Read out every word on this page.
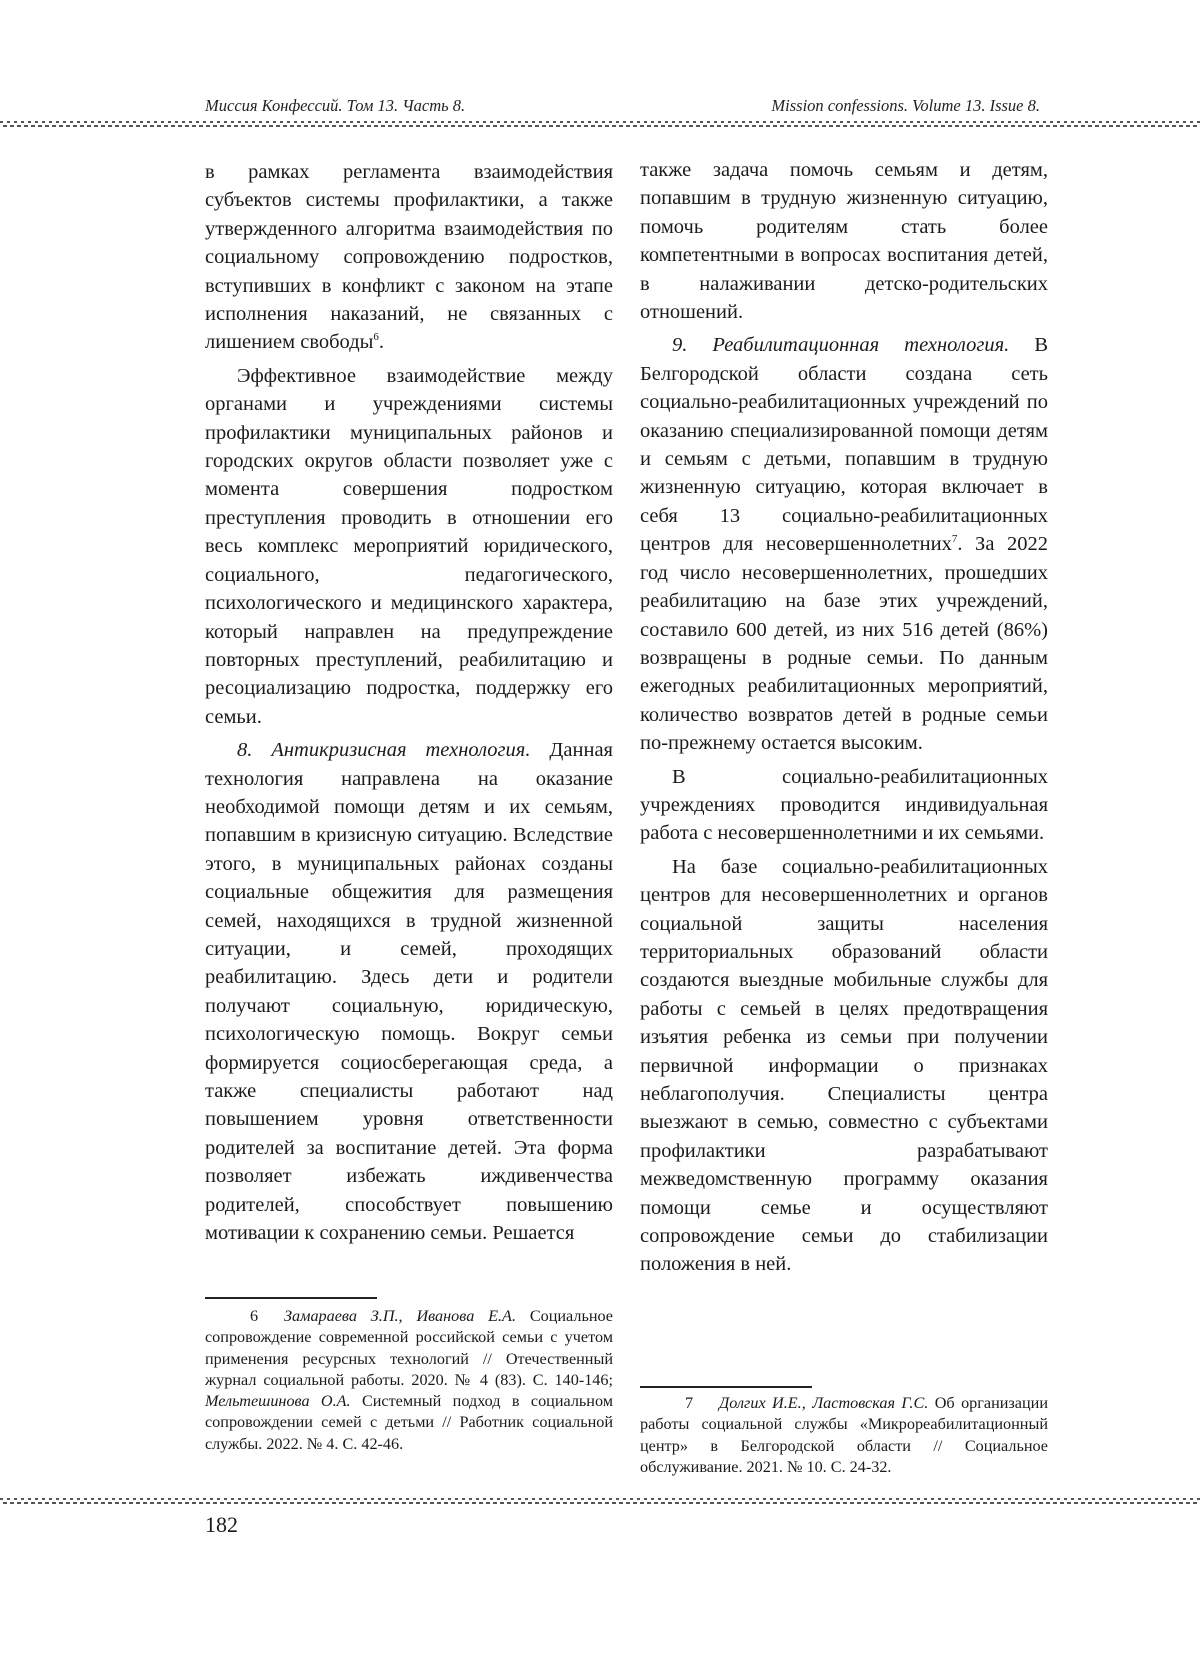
Миссия Конфессий. Том 13. Часть 8.	Mission confessions. Volume 13. Issue 8.

в рамках регламента взаимодействия субъектов системы профилактики, а также утвержденного алгоритма взаимодействия по социальному сопровождению подростков, вступивших в конфликт с законом на этапе исполнения наказаний, не связанных с лишением свободы$^6$.

Эффективное взаимодействие между органами и учреждениями системы профилактики муниципальных районов и городских округов области позволяет уже с момента совершения подростком преступления проводить в отношении его весь комплекс мероприятий юридического, социального, педагогического, психологического и медицинского характера, который направлен на предупреждение повторных преступлений, реабилитацию и ресоциализацию подростка, поддержку его семьи.

8. Антикризисная технология. Данная технология направлена на оказание необходимой помощи детям и их семьям, попавшим в кризисную ситуацию. Вследствие этого, в муниципальных районах созданы социальные общежития для размещения семей, находящихся в трудной жизненной ситуации, и семей, проходящих реабилитацию. Здесь дети и родители получают социальную, юридическую, психологическую помощь. Вокруг семьи формируется социосберегающая среда, а также специалисты работают над повышением уровня ответственности родителей за воспитание детей. Эта форма позволяет избежать иждивенчества родителей, способствует повышению мотивации к сохранению семьи. Решается

6 Замараева З.П., Иванова Е.А. Социальное сопровождение современной российской семьи с учетом применения ресурсных технологий // Отечественный журнал социальной работы. 2020. № 4 (83). С. 140-146; Мельтешинова О.А. Системный подход в социальном сопровождении семей с детьми // Работник социальной службы. 2022. № 4. С. 42-46.

также задача помочь семьям и детям, попавшим в трудную жизненную ситуацию, помочь родителям стать более компетентными в вопросах воспитания детей, в налаживании детско-родительских отношений.

9. Реабилитационная технология. В Белгородской области создана сеть социально-реабилитационных учреждений по оказанию специализированной помощи детям и семьям с детьми, попавшим в трудную жизненную ситуацию, которая включает в себя 13 социально-реабилитационных центров для несовершеннолетних$^7$. За 2022 год число несовершеннолетних, прошедших реабилитацию на базе этих учреждений, составило 600 детей, из них 516 детей (86%) возвращены в родные семьи. По данным ежегодных реабилитационных мероприятий, количество возвратов детей в родные семьи по-прежнему остается высоким.

В социально-реабилитационных учреждениях проводится индивидуальная работа с несовершеннолетними и их семьями.

На базе социально-реабилитационных центров для несовершеннолетних и органов социальной защиты населения территориальных образований области создаются выездные мобильные службы для работы с семьей в целях предотвращения изъятия ребенка из семьи при получении первичной информации о признаках неблагополучия. Специалисты центра выезжают в семью, совместно с субъектами профилактики разрабатывают межведомственную программу оказания помощи семье и осуществляют сопровождение семьи до стабилизации положения в ней.

7 Долгих И.Е., Ластовская Г.С. Об организации работы социальной службы «Микрореабилитационный центр» в Белгородской области // Социальное обслуживание. 2021. № 10. С. 24-32.
182
